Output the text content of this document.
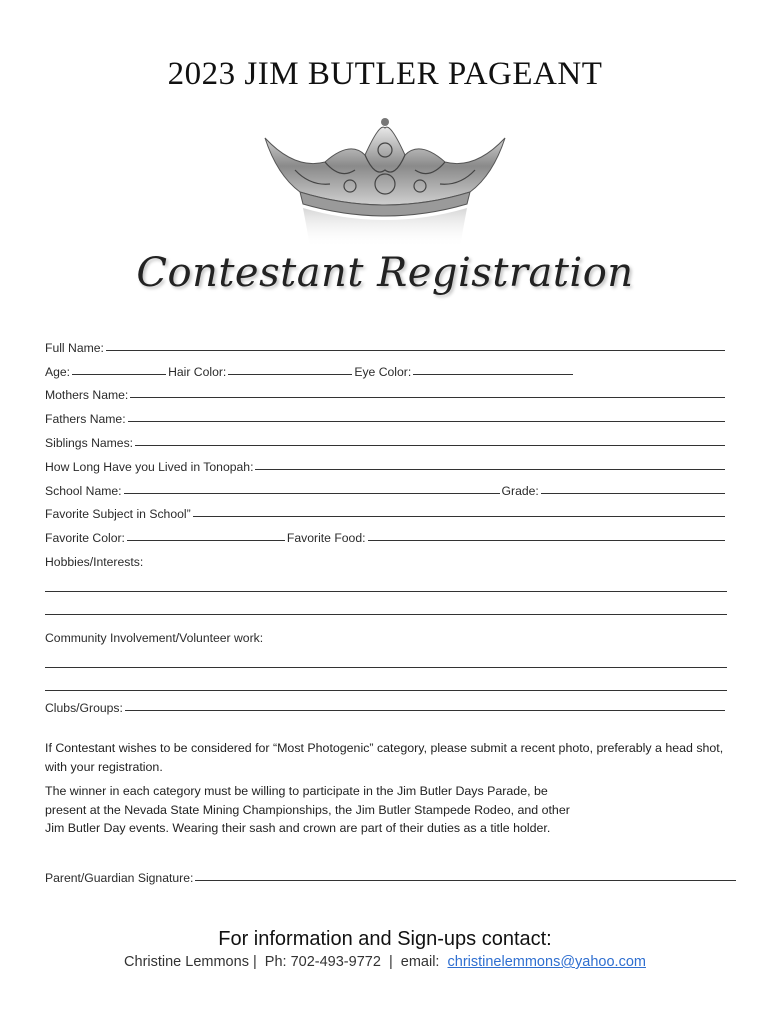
2023 JIM BUTLER PAGEANT
Contestant Registration
Full Name:
Age:	Hair Color:	Eye Color:
Mothers Name:
Fathers Name:
Siblings Names:
How Long Have you Lived in Tonopah:
School Name:	Grade:
Favorite Subject in School”
Favorite Color:	Favorite Food:
Hobbies/Interests:
Community Involvement/Volunteer work:
Clubs/Groups:

If Contestant wishes to be considered for “Most Photogenic” category, please submit a recent photo, preferably a head shot, with your registration.

The winner in each category must be willing to participate in the Jim Butler Days Parade, be

present at the Nevada State Mining Championships, the Jim Butler Stampede Rodeo, and other

Jim Butler Day events. Wearing their sash and crown are part of their duties as a title holder.

Parent/Guardian Signature:
For information and Sign-ups contact:
Christine Lemmons |  Ph: 702-493-9772  |  email:  christinelemmons@yahoo.com
